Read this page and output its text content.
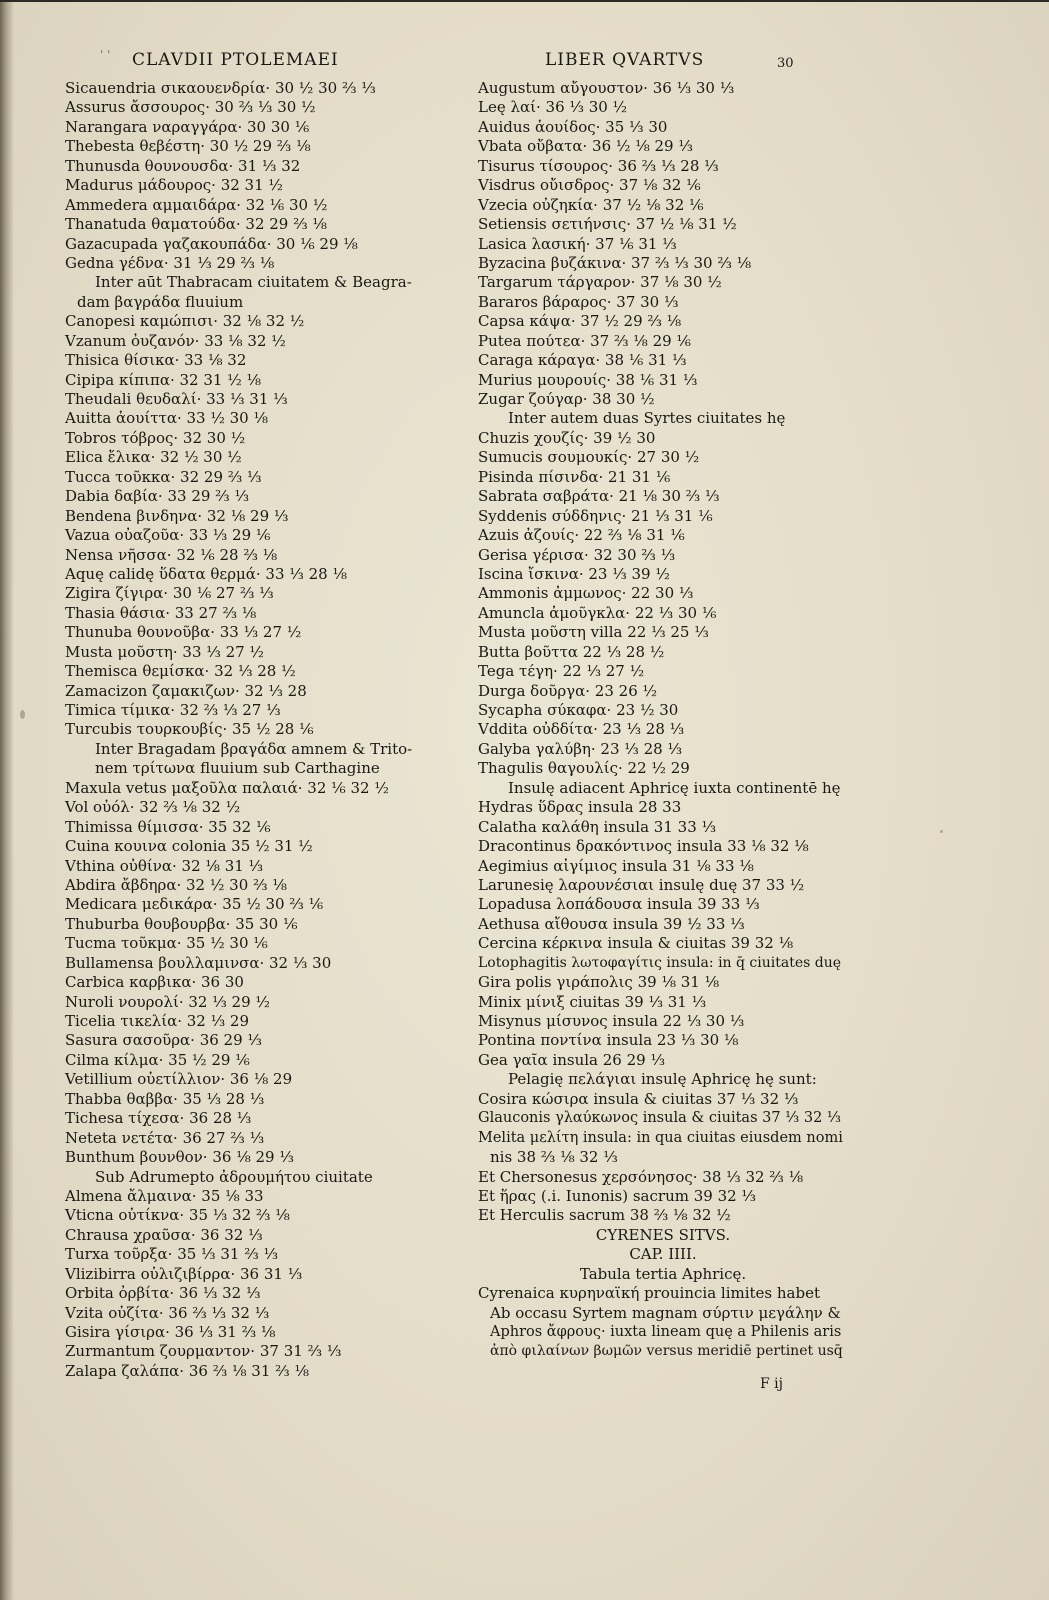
' ' CLAVDII PTOLEMAEI	LIBER QVARTVS	30
Sicauendria σικαουενδρία· 30 ½ 30 ⅔ ⅓
Assurus ἄσσουρος· 30 ⅔ ⅓ 30 ½
Narangara ναραγγάρα· 30 30 ⅙
Thebesta θεβέστη· 30 ½ 29 ⅔ ⅛
Thunusda θουνουσδα· 31 ⅓ 32
Madurus μάδουρος· 32 31 ½
Ammedera αμμαιδάρα· 32 ⅙ 30 ½
Thanatuda θαματούδα· 32 29 ⅔ ⅛
Gazacupada γαζακουπάδα· 30 ⅙ 29 ⅛
Gedna γέδνα· 31 ⅓ 29 ⅔ ⅛
Inter aūt Thabracam ciuitatem & Beagra-
dam βαγράδα fluuium
Canopesi καμώπισι· 32 ⅛ 32 ½
Vzanum ὀυζανόν· 33 ⅛ 32 ½
Thisica θίσικα· 33 ⅛ 32
Cipipa κίπιπα· 32 31 ½ ⅛
Theudali θευδαλί· 33 ⅓ 31 ⅓
Auitta ἀουίττα· 33 ½ 30 ⅛
Tobros τόβρος· 32 30 ½
Elica ἔλικα· 32 ½ 30 ½
Tucca τοῦκκα· 32 29 ⅔ ⅓
Dabia δαβία· 33 29 ⅔ ⅓
Bendena βινδηνα· 32 ⅛ 29 ⅓
Vazua οὐαζοῦα· 33 ⅓ 29 ⅙
Nensa νῆσσα· 32 ⅙ 28 ⅔ ⅛
Aquę calidę ὕδατα θερμά· 33 ⅓ 28 ⅛
Zigira ζίγιρα· 30 ⅙ 27 ⅔ ⅓
Thasia θάσια· 33 27 ⅔ ⅛
Thunuba θουνοῦβα· 33 ⅓ 27 ½
Musta μοῦστη· 33 ⅓ 27 ½
Themisca θεμίσκα· 32 ⅓ 28 ½
Zamacizon ζαμακιζων· 32 ⅓ 28
Timica τίμικα· 32 ⅔ ⅓ 27 ⅓
Turcubis τουρκουβίς· 35 ½ 28 ⅙
Inter Bragadam βραγάδα amnem & Trito-
nem τρίτωνα fluuium sub Carthagine
Maxula vetus μαξοῦλα παλαιά· 32 ⅙ 32 ½
Vol οὐόλ· 32 ⅔ ⅛ 32 ½
Thimissa θίμισσα· 35 32 ⅙
Cuina κουινα colonia 35 ½ 31 ½
Vthina οὐθίνα· 32 ⅛ 31 ⅓
Abdira ἄβδηρα· 32 ½ 30 ⅔ ⅛
Medicara μεδικάρα· 35 ½ 30 ⅔ ⅙
Thuburba θουβουρβα· 35 30 ⅙
Tucma τοῦκμα· 35 ½ 30 ⅙
Bullamensa βουλλαμινσα· 32 ⅓ 30
Carbica καρβικα· 36 30
Nuroli νουρολί· 32 ⅓ 29 ½
Ticelia τικελία· 32 ⅓ 29
Sasura σασοῦρα· 36 29 ⅓
Cilma κίλμα· 35 ½ 29 ⅙
Vetillium οὐετίλλιον· 36 ⅛ 29
Thabba θαββα· 35 ⅓ 28 ⅓
Tichesa τίχεσα· 36 28 ⅓
Neteta νετέτα· 36 27 ⅔ ⅓
Bunthum βουνθον· 36 ⅛ 29 ⅓
Sub Adrumepto ἀδρουμήτου ciuitate
Almena ἄλμαινα· 35 ⅛ 33
Vticna οὐτίκνα· 35 ⅓ 32 ⅔ ⅛
Chrausa χραῦσα· 36 32 ⅓
Turxa τοῦρξα· 35 ⅓ 31 ⅔ ⅓
Vlizibirra οὐλιζιβίρρα· 36 31 ⅓
Orbita ὀρβίτα· 36 ⅓ 32 ⅓
Vzita οὐζίτα· 36 ⅔ ⅓ 32 ⅓
Gisira γίσιρα· 36 ⅓ 31 ⅔ ⅛
Zurmantum ζουρμαντον· 37 31 ⅔ ⅓
Zalapa ζαλάπα· 36 ⅔ ⅛ 31 ⅔ ⅛
Augustum αὔγουστον· 36 ⅓ 30 ⅓
Leę λαί· 36 ⅓ 30 ½
Auidus ἀουίδος· 35 ⅓ 30
Vbata οὔβατα· 36 ½ ⅛ 29 ⅓
Tisurus τίσουρος· 36 ⅔ ⅓ 28 ⅓
Visdrus οὔισδρος· 37 ⅛ 32 ⅙
Vzecia οὐζηκία· 37 ½ ⅛ 32 ⅙
Setiensis σετιήνσις· 37 ½ ⅛ 31 ½
Lasica λασική· 37 ⅙ 31 ⅓
Byzacina βυζάκινα· 37 ⅔ ⅓ 30 ⅔ ⅛
Targarum τάργαρον· 37 ⅛ 30 ½
Bararos βάραρος· 37 30 ⅓
Capsa κάψα· 37 ½ 29 ⅔ ⅛
Putea πούτεα· 37 ⅔ ⅛ 29 ⅙
Caraga κάραγα· 38 ⅙ 31 ⅓
Murius μουρουίς· 38 ⅙ 31 ⅓
Zugar ζούγαρ· 38 30 ½
Inter autem duas Syrtes ciuitates hę
Chuzis χουζίς· 39 ½ 30
Sumucis σουμουκίς· 27 30 ½
Pisinda πίσινδα· 21 31 ⅙
Sabrata σαβράτα· 21 ⅛ 30 ⅔ ⅓
Syddenis σύδδηνις· 21 ⅓ 31 ⅙
Azuis ἀζουίς· 22 ⅔ ⅛ 31 ⅙
Gerisa γέρισα· 32 30 ⅔ ⅓
Iscina ἴσκινα· 23 ⅓ 39 ½
Ammonis ἀμμωνος· 22 30 ⅓
Amuncla ἀμοῦγκλα· 22 ⅓ 30 ⅙
Musta μοῦστη villa 22 ⅓ 25 ⅓
Butta βοῦττα 22 ⅓ 28 ½
Tega τέγη· 22 ⅓ 27 ½
Durga δοῦργα· 23 26 ½
Sycapha σύκαφα· 23 ½ 30
Vddita οὐδδίτα· 23 ⅓ 28 ⅓
Galyba γαλύβη· 23 ⅓ 28 ⅓
Thagulis θαγουλίς· 22 ½ 29
Insulę adiacent Aphricę iuxta continentē hę
Hydras ὕδρας insula 28 33
Calatha καλάθη insula 31 33 ⅓
Dracontinus δρακόντινος insula 33 ⅛ 32 ⅛
Aegimius αἰγίμιος insula 31 ⅛ 33 ⅛
Larunesię λαρουνέσιαι insulę duę 37 33 ½
Lopadusa λοπάδουσα insula 39 33 ⅓
Aethusa αἴθουσα insula 39 ½ 33 ⅓
Cercina κέρκινα insula & ciuitas 39 32 ⅛
Lotophagitis λωτοφαγίτις insula: in q̄ ciuitates duę
Gira polis γιράπολις 39 ⅛ 31 ⅛
Minix μίνιξ ciuitas 39 ⅓ 31 ⅓
Misynus μίσυνος insula 22 ⅓ 30 ⅓
Pontina ποντίνα insula 23 ⅓ 30 ⅛
Gea γαῖα insula 26 29 ⅓
Pelagię πελάγιαι insulę Aphricę hę sunt:
Cosira κώσιρα insula & ciuitas 37 ⅓ 32 ⅓
Glauconis γλαύκωνος insula & ciuitas 37 ⅓ 32 ⅓
Melita μελίτη insula: in qua ciuitas eiusdem nomi
nis 38 ⅔ ⅛ 32 ⅓
Et Chersonesus χερσόνησος· 38 ⅓ 32 ⅔ ⅛
Et ἥρας (.i. Iunonis) sacrum 39 32 ⅓
Et Herculis sacrum 38 ⅔ ⅛ 32 ½
CYRENES SITVS.
CAP. IIII.
Tabula tertia Aphricę.
Cyrenaica κυρηναϊκή prouincia limites habet
Ab occasu Syrtem magnam σύρτιν μεγάλην &
Aphros ἄφρους· iuxta lineam quę a Philenis aris
ἀπὸ φιλαίνων βωμῶν versus meridiē pertinet usq̄
F ij
